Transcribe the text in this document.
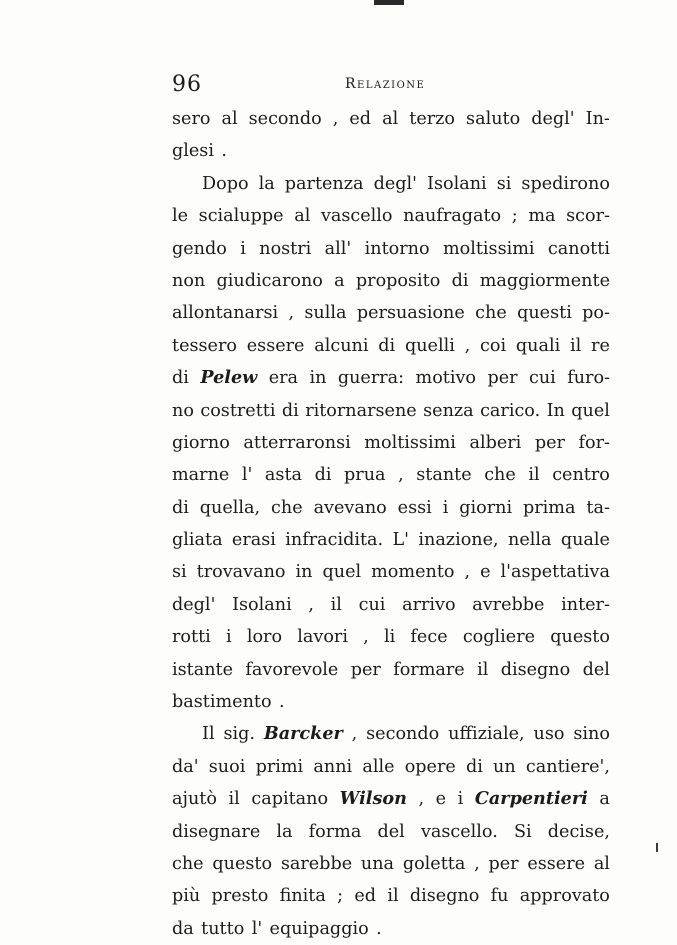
96	Relazione
sero al secondo , ed al terzo saluto degl' In-
glesi .
Dopo la partenza degl' Isolani si spedirono
le scialuppe al vascello naufragato ; ma scor-
gendo i nostri all' intorno moltissimi canotti
non giudicarono a proposito di maggiormente
allontanarsi , sulla persuasione che questi po-
tessero essere alcuni di quelli , coi quali il re
di Pelew era in guerra: motivo per cui furo-
no costretti di ritornarsene senza carico. In quel
giorno atterraronsi moltissimi alberi per for-
marne l' asta di prua , stante che il centro
di quella, che avevano essi i giorni prima ta-
gliata erasi infracidita. L' inazione, nella quale
si trovavano in quel momento , e l'aspettativa
degl' Isolani , il cui arrivo avrebbe inter-
rotti i loro lavori , li fece cogliere questo
istante favorevole per formare il disegno del
bastimento .
Il sig. Barcker , secondo uffiziale, uso sino
da' suoi primi anni alle opere di un cantiere',
ajutò il capitano Wilson , e i Carpentieri a
disegnare la forma del vascello. Si decise,
che questo sarebbe una goletta , per essere al
più presto finita ; ed il disegno fu approvato
da tutto l' equipaggio .
